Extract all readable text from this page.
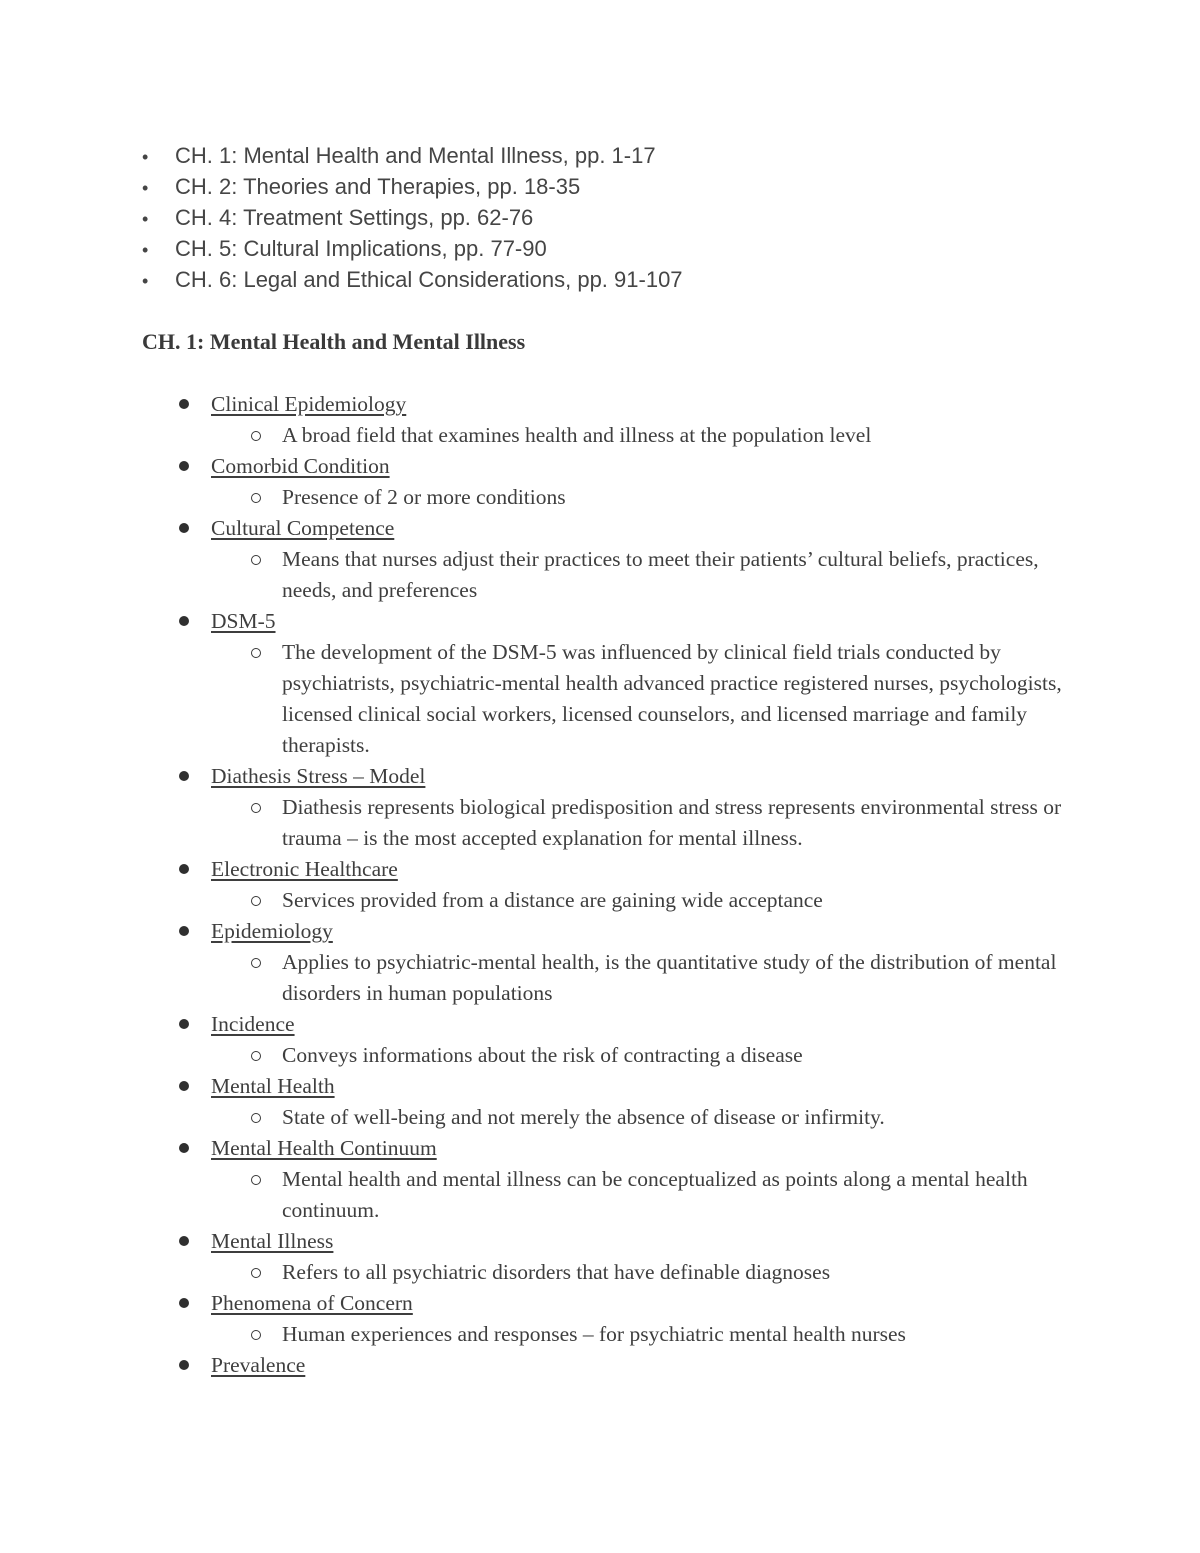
• CH. 1: Mental Health and Mental Illness, pp. 1-17
• CH. 2: Theories and Therapies, pp. 18-35
• CH. 4: Treatment Settings, pp. 62-76
• CH. 5: Cultural Implications, pp. 77-90
• CH. 6: Legal and Ethical Considerations, pp. 91-107
CH. 1: Mental Health and Mental Illness
Clinical Epidemiology

A broad field that examines health and illness at the population level

Comorbid Condition

Presence of 2 or more conditions

Cultural Competence

Means that nurses adjust their practices to meet their patients’ cultural beliefs, practices, needs, and preferences

DSM-5

The development of the DSM-5 was influenced by clinical field trials conducted by psychiatrists, psychiatric-mental health advanced practice registered nurses, psychologists, licensed clinical social workers, licensed counselors, and licensed marriage and family therapists.

Diathesis Stress – Model

Diathesis represents biological predisposition and stress represents environmental stress or trauma – is the most accepted explanation for mental illness.

Electronic Healthcare

Services provided from a distance are gaining wide acceptance

Epidemiology

Applies to psychiatric-mental health, is the quantitative study of the distribution of mental disorders in human populations

Incidence

Conveys informations about the risk of contracting a disease

Mental Health

State of well-being and not merely the absence of disease or infirmity.

Mental Health Continuum

Mental health and mental illness can be conceptualized as points along a mental health continuum.

Mental Illness

Refers to all psychiatric disorders that have definable diagnoses

Phenomena of Concern

Human experiences and responses – for psychiatric mental health nurses

Prevalence
